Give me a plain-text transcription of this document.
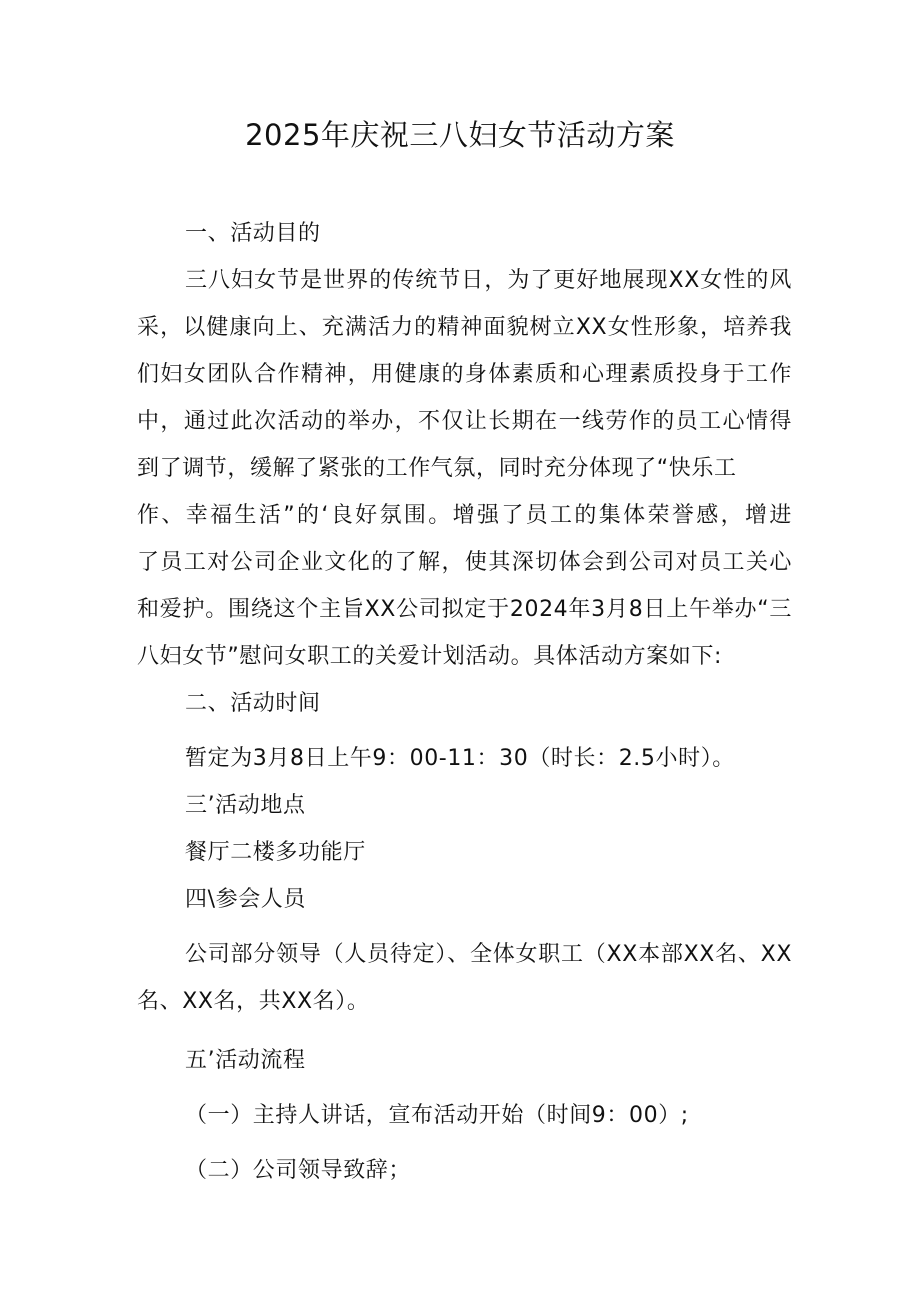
2025年庆祝三八妇女节活动方案

一、活动目的

三八妇女节是世界的传统节日，为了更好地展现XX女性的风

采，以健康向上、充满活力的精神面貌树立XX女性形象，培养我

们妇女团队合作精神，用健康的身体素质和心理素质投身于工作

中，通过此次活动的举办，不仅让长期在一线劳作的员工心情得

到了调节，缓解了紧张的工作气氛，同时充分体现了“快乐工

作、幸福生活”的‘良好氛围。增强了员工的集体荣誉感，增进

了员工对公司企业文化的了解，使其深切体会到公司对员工关心

和爱护。围绕这个主旨XX公司拟定于2024年3月8日上午举办“三

八妇女节”慰问女职工的关爱计划活动。具体活动方案如下:

二、活动时间

暂定为3月8日上午9：00-11：30（时长：2.5小时）。

三’活动地点

餐厅二楼多功能厅

四\参会人员

公司部分领导（人员待定）、全体女职工（XX本部XX名、XX

名、XX名，共XX名）。

五’活动流程

（一）主持人讲话，宣布活动开始（时间9：00）;

（二）公司领导致辞；
